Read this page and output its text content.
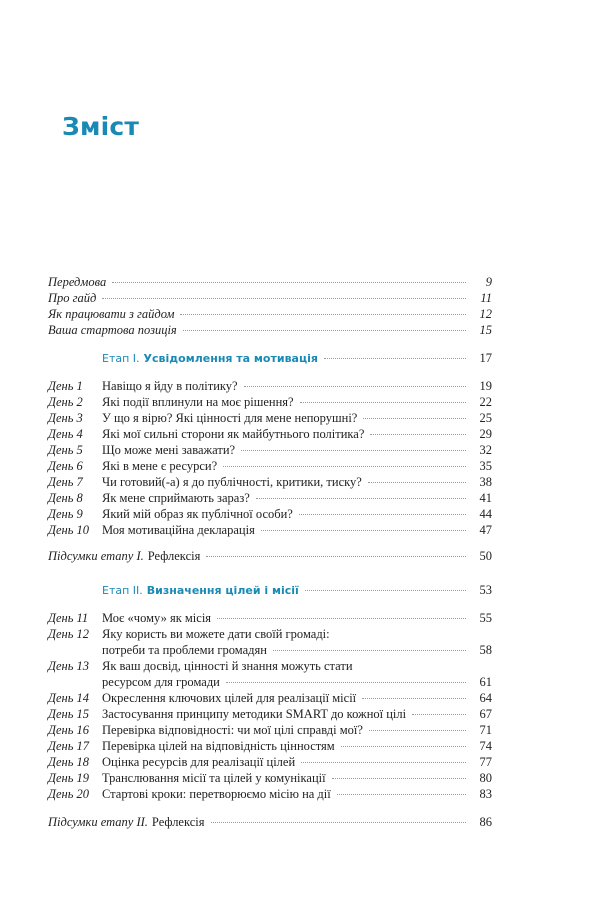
Зміст
Передмова	9
Про гайд	11
Як працювати з гайдом	12
Ваша стартова позиція	15
Етап I. Усвідомлення та мотивація	17
День 1 Навіщо я йду в політику?	19
День 2 Які події вплинули на моє рішення?	22
День 3 У що я вірю? Які цінності для мене непорушні?	25
День 4 Які мої сильні сторони як майбутнього політика?	29
День 5 Що може мені заважати?	32
День 6 Які в мене є ресурси?	35
День 7 Чи готовий(-а) я до публічності, критики, тиску?	38
День 8 Як мене сприймають зараз?	41
День 9 Який мій образ як публічної особи?	44
День 10 Моя мотиваційна декларація	47
Підсумки етапу I. Рефлексія	50
Етап II. Визначення цілей і місії	53
День 11 Моє «чому» як місія	55
День 12 Яку користь ви можете дати своїй громаді:
потреби та проблеми громадян	58
День 13 Як ваш досвід, цінності й знання можуть стати
ресурсом для громади	61
День 14 Окреслення ключових цілей для реалізації місії	64
День 15 Застосування принципу методики SMART до кожної цілі	67
День 16 Перевірка відповідності: чи мої цілі справді мої?	71
День 17 Перевірка цілей на відповідність цінностям	74
День 18 Оцінка ресурсів для реалізації цілей	77
День 19 Транслювання місії та цілей у комунікації	80
День 20 Стартові кроки: перетворюємо місію на дії	83
Підсумки етапу II. Рефлексія	86
